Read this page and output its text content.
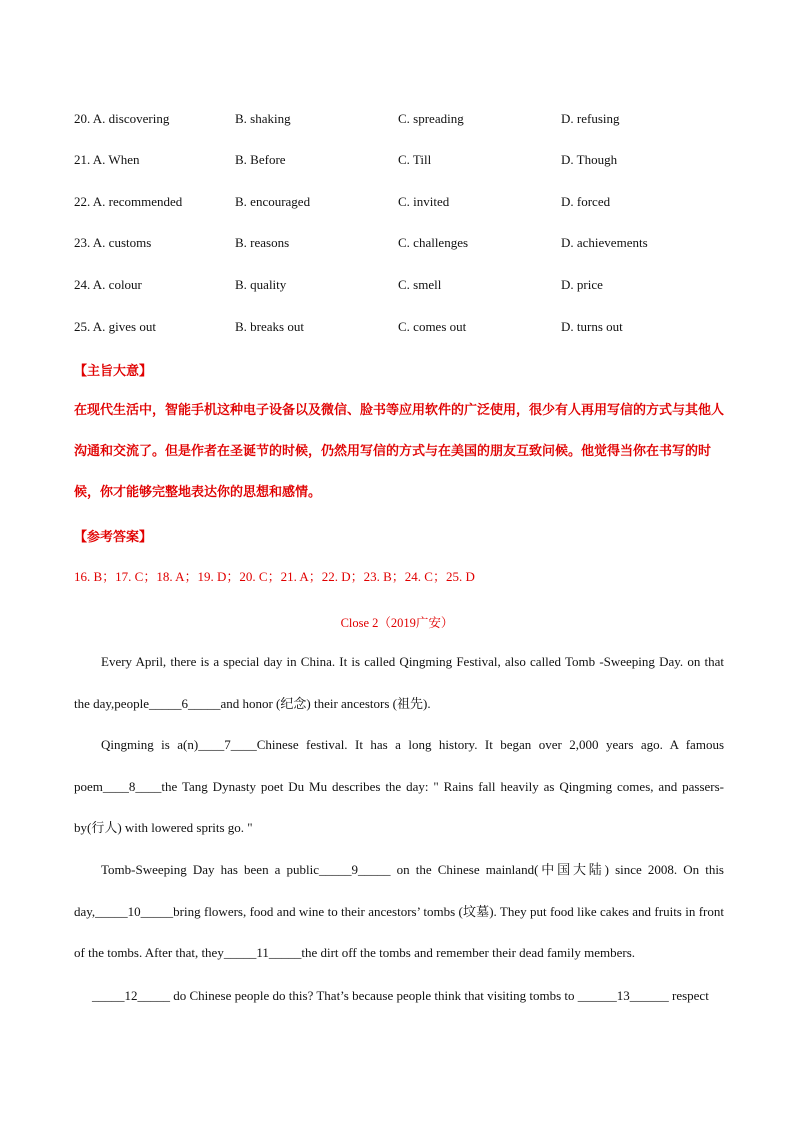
20. A. discovering	B. shaking	C. spreading	D. refusing
21. A. When	B. Before	C. Till	D. Though
22. A. recommended	B. encouraged	C. invited	D. forced
23. A. customs	B. reasons	C. challenges	D. achievements
24. A. colour	B. quality	C. smell	D. price
25. A. gives out	B. breaks out	C. comes out	D. turns out
【主旨大意】
在现代生活中，智能手机这种电子设备以及微信、脸书等应用软件的广泛使用，很少有人再用写信的方式与其他人沟通和交流了。但是作者在圣诞节的时候，仍然用写信的方式与在美国的朋友互致问候。他觉得当你在书写的时候，你才能够完整地表达你的思想和感情。
【参考答案】
16. B；17. C；18. A；19. D；20. C；21. A；22. D；23. B；24. C；25. D
Close 2（2019广安）
Every April, there is a special day in China. It is called Qingming Festival, also called Tomb -Sweeping Day. on that the day,people_____6_____and honor (纪念) their ancestors (祖先).
Qingming is a(n)____7____Chinese festival. It has a long history. It began over 2,000 years ago. A famous poem____8____the Tang Dynasty poet Du Mu describes the day: " Rains fall heavily as Qingming comes, and passers-by(行人) with lowered sprits go. "
Tomb-Sweeping Day has been a public_____9_____ on the Chinese mainland(中国大陆) since 2008. On this day,_____10_____bring flowers, food and wine to their ancestors’ tombs (坟墓). They put food like cakes and fruits in front of the tombs. After that, they_____11_____the dirt off the tombs and remember their dead family members.
_____12_____ do Chinese people do this? That’s because people think that visiting tombs to ______13______ respect
